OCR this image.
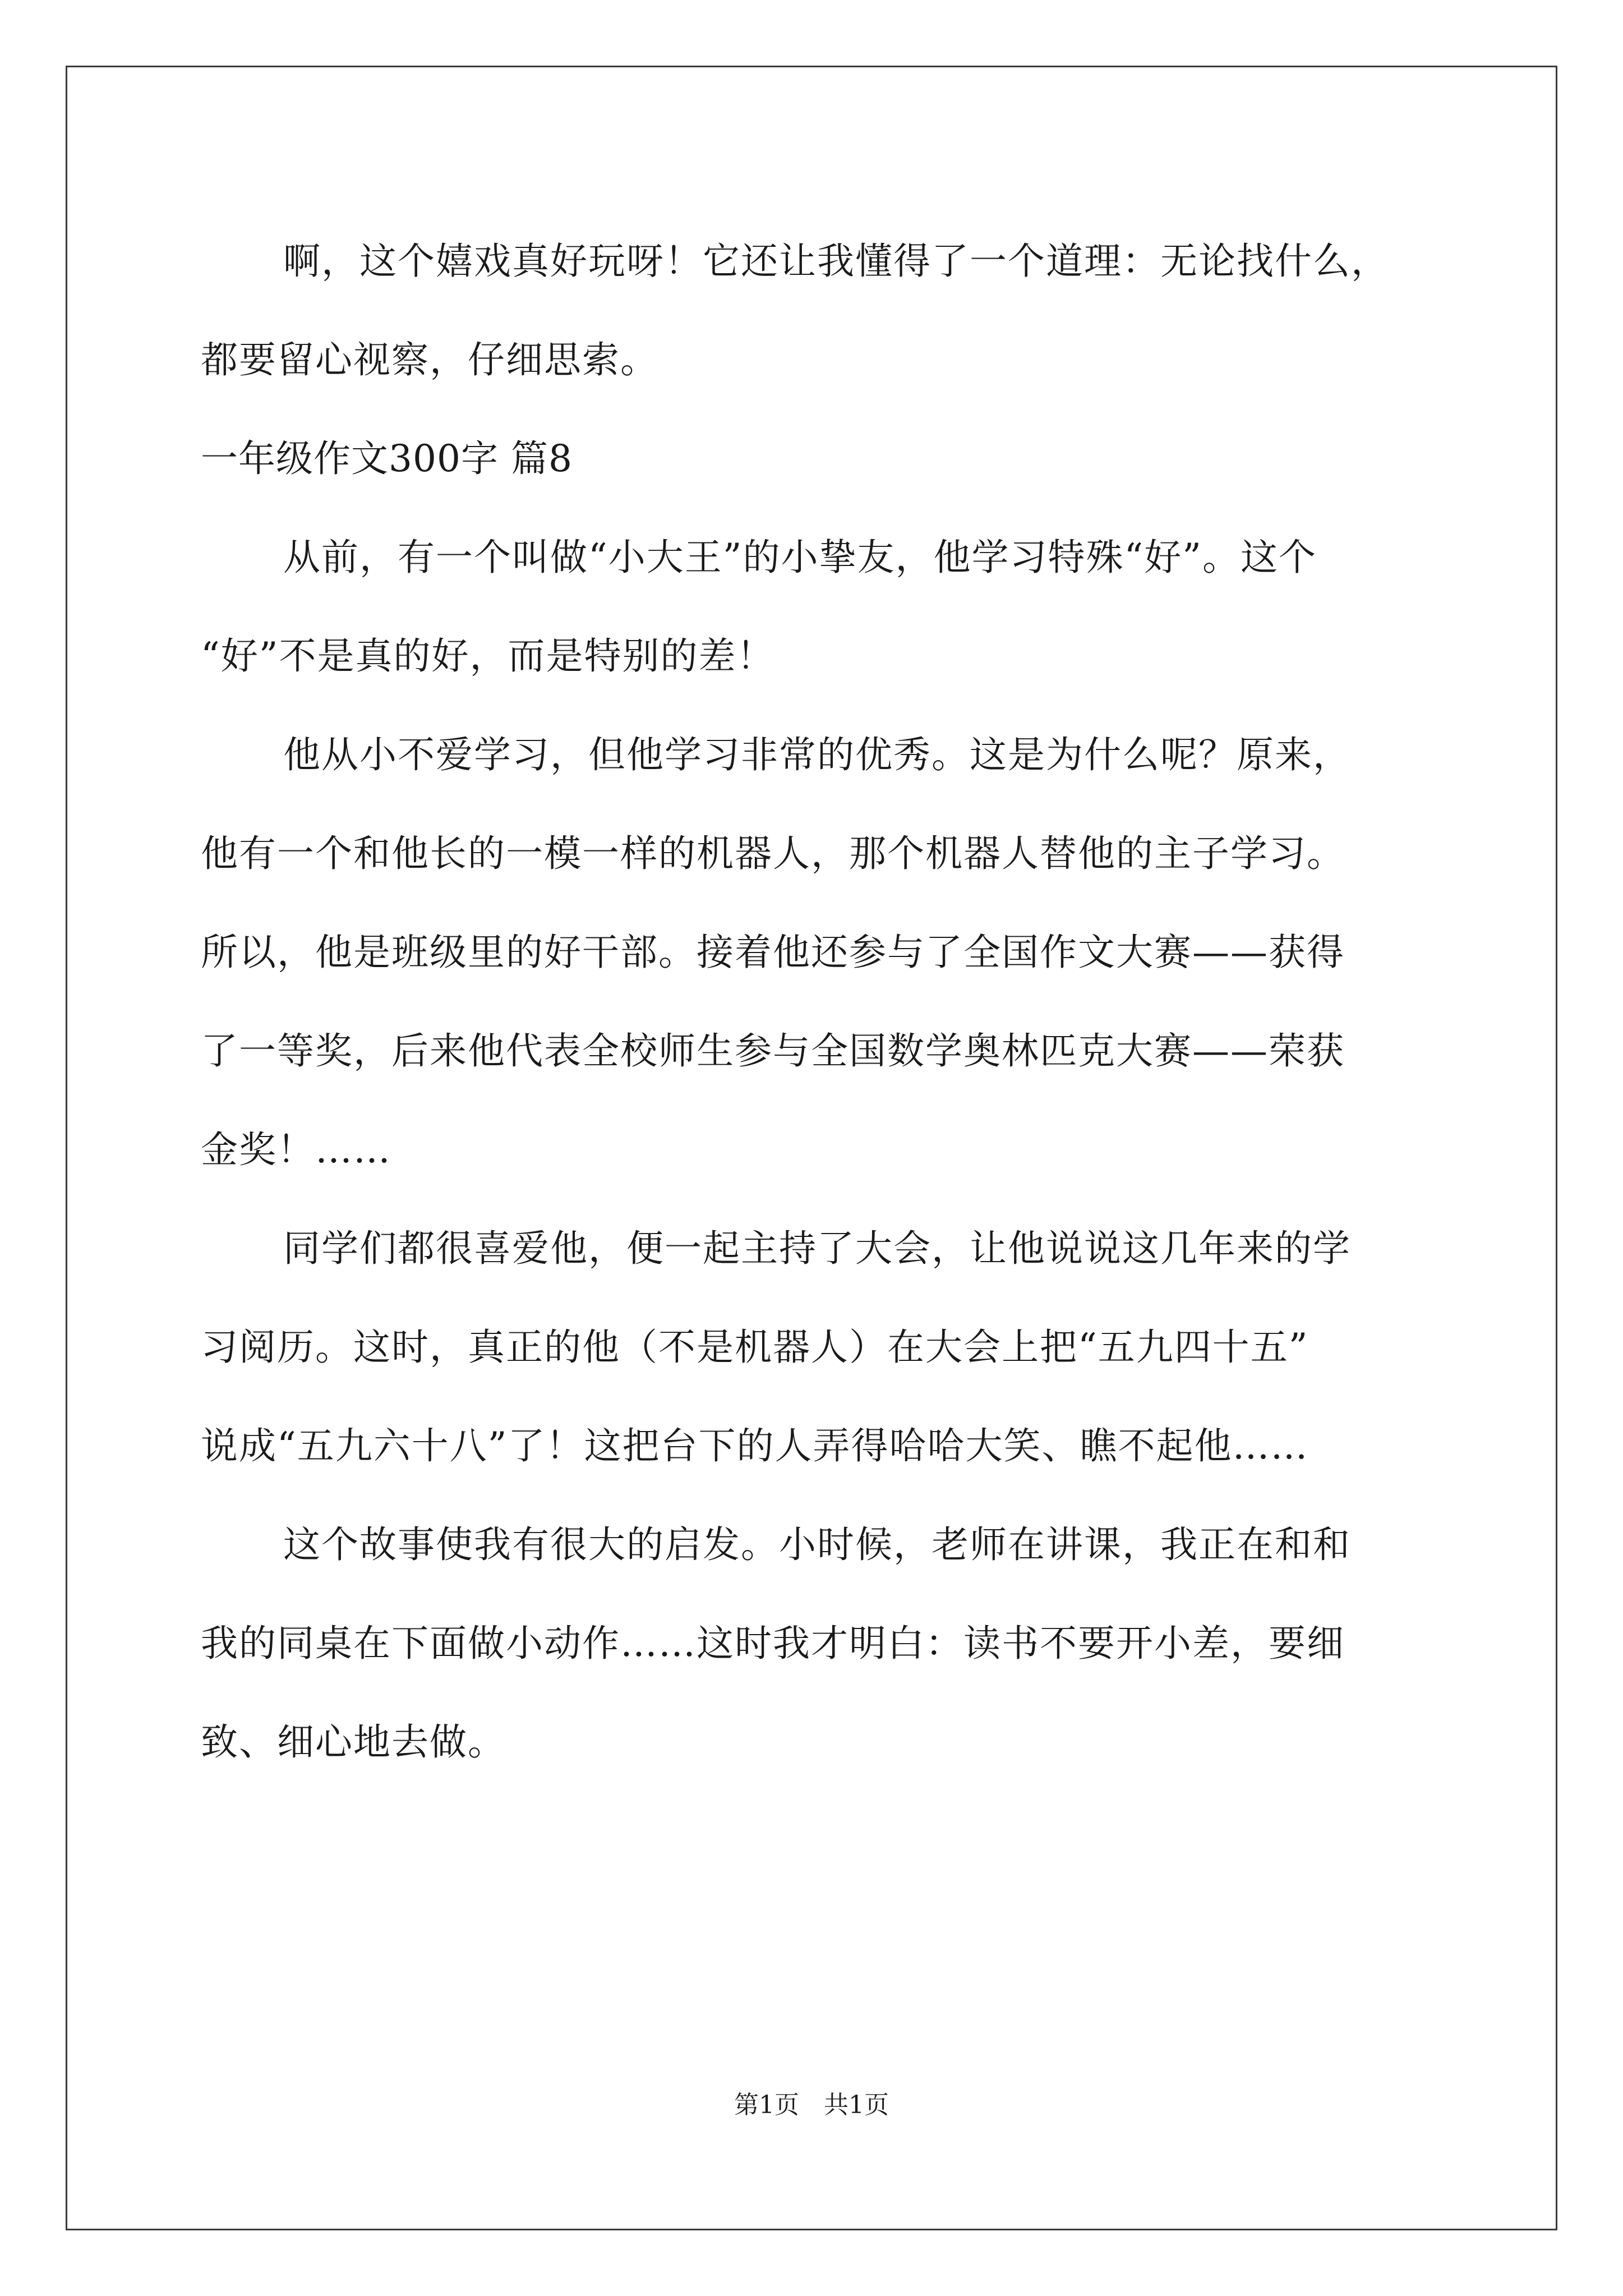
啊，这个嬉戏真好玩呀！它还让我懂得了一个道理：无论找什么，
都要留心视察，仔细思索。
一年级作文300字 篇8
从前，有一个叫做“小大王”的小挚友，他学习特殊“好”。这个
“好”不是真的好，而是特别的差！
他从小不爱学习，但他学习非常的优秀。这是为什么呢？原来，
他有一个和他长的一模一样的机器人，那个机器人替他的主子学习。
所以，他是班级里的好干部。接着他还参与了全国作文大赛——获得
了一等奖，后来他代表全校师生参与全国数学奥林匹克大赛——荣获
金奖！……
同学们都很喜爱他，便一起主持了大会，让他说说这几年来的学
习阅历。这时，真正的他（不是机器人）在大会上把“五九四十五”
说成“五九六十八”了！这把台下的人弄得哈哈大笑、瞧不起他……
这个故事使我有很大的启发。小时候，老师在讲课，我正在和和
我的同桌在下面做小动作……这时我才明白：读书不要开小差，要细
致、细心地去做。
第1页　共1页
